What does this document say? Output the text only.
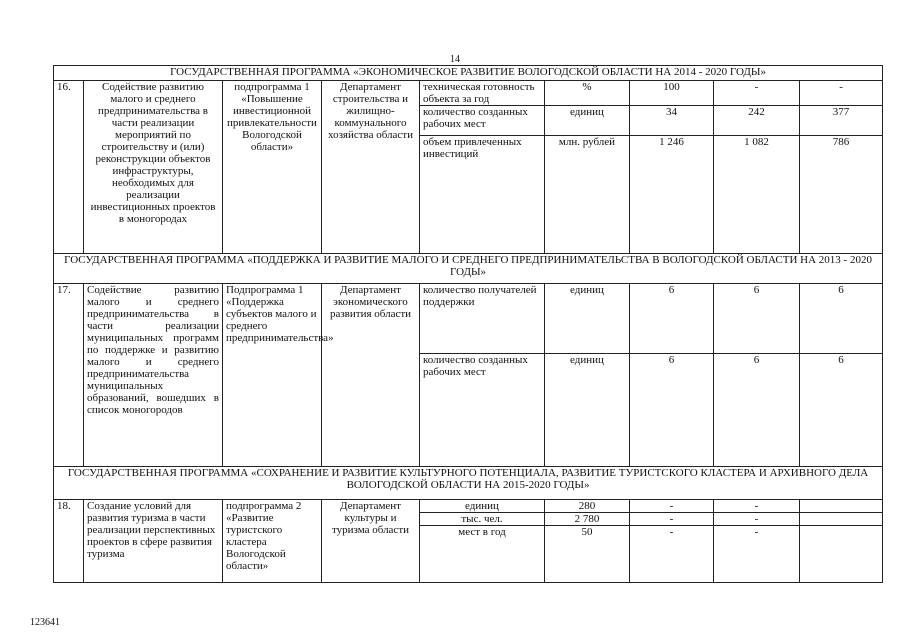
14
ГОСУДАРСТВЕННАЯ ПРОГРАММА «ЭКОНОМИЧЕСКОЕ РАЗВИТИЕ ВОЛОГОДСКОЙ ОБЛАСТИ НА 2014 - 2020 ГОДЫ»								
16.	Содействие развитию малого и среднего предпринимательства в части реализации мероприятий по строительству и (или) реконструкции объектов инфраструктуры, необходимых для реализации инвестиционных проектов в моногородах	подпрограмма 1 «Повышение инвестиционной привлекательности Вологодской области»	Департамент строительства и жилищно-коммунального хозяйства области	техническая готовность объекта за год	%	100	-	-
				количество созданных рабочих мест	единиц	34	242	377
				объем привлеченных инвестиций	млн. рублей	1 246	1 082	786
ГОСУДАРСТВЕННАЯ ПРОГРАММА «ПОДДЕРЖКА И РАЗВИТИЕ МАЛОГО И СРЕДНЕГО ПРЕДПРИНИМАТЕЛЬСТВА В ВОЛОГОДСКОЙ ОБЛАСТИ НА 2013 - 2020 ГОДЫ»								
17.	Содействие развитию малого и среднего предпринимательства в части реализации муниципальных программ по поддержке и развитию малого и среднего предпринимательства муниципальных образований, вошедших в список моногородов	Подпрограмма 1 «Поддержка субъектов малого и среднего предпринимательства»	Департамент экономического развития области	количество получателей поддержки	единиц	6	6	6
				количество созданных рабочих мест	единиц	6	6	6
ГОСУДАРСТВЕННАЯ ПРОГРАММА «СОХРАНЕНИЕ И РАЗВИТИЕ КУЛЬТУРНОГО ПОТЕНЦИАЛА, РАЗВИТИЕ ТУРИСТСКОГО КЛАСТЕРА И АРХИВНОГО ДЕЛА ВОЛОГОДСКОЙ ОБЛАСТИ НА 2015-2020 ГОДЫ»								
18.	Создание условий для развития туризма в части реализации перспективных проектов в сфере развития туризма	подпрограмма 2 «Развитие туристского кластера Вологодской области»	Департамент культуры и туризма области	единиц	280	-	-	
				тыс. чел.	2 780	-	-	
				мест в год	50	-	-	
123641
